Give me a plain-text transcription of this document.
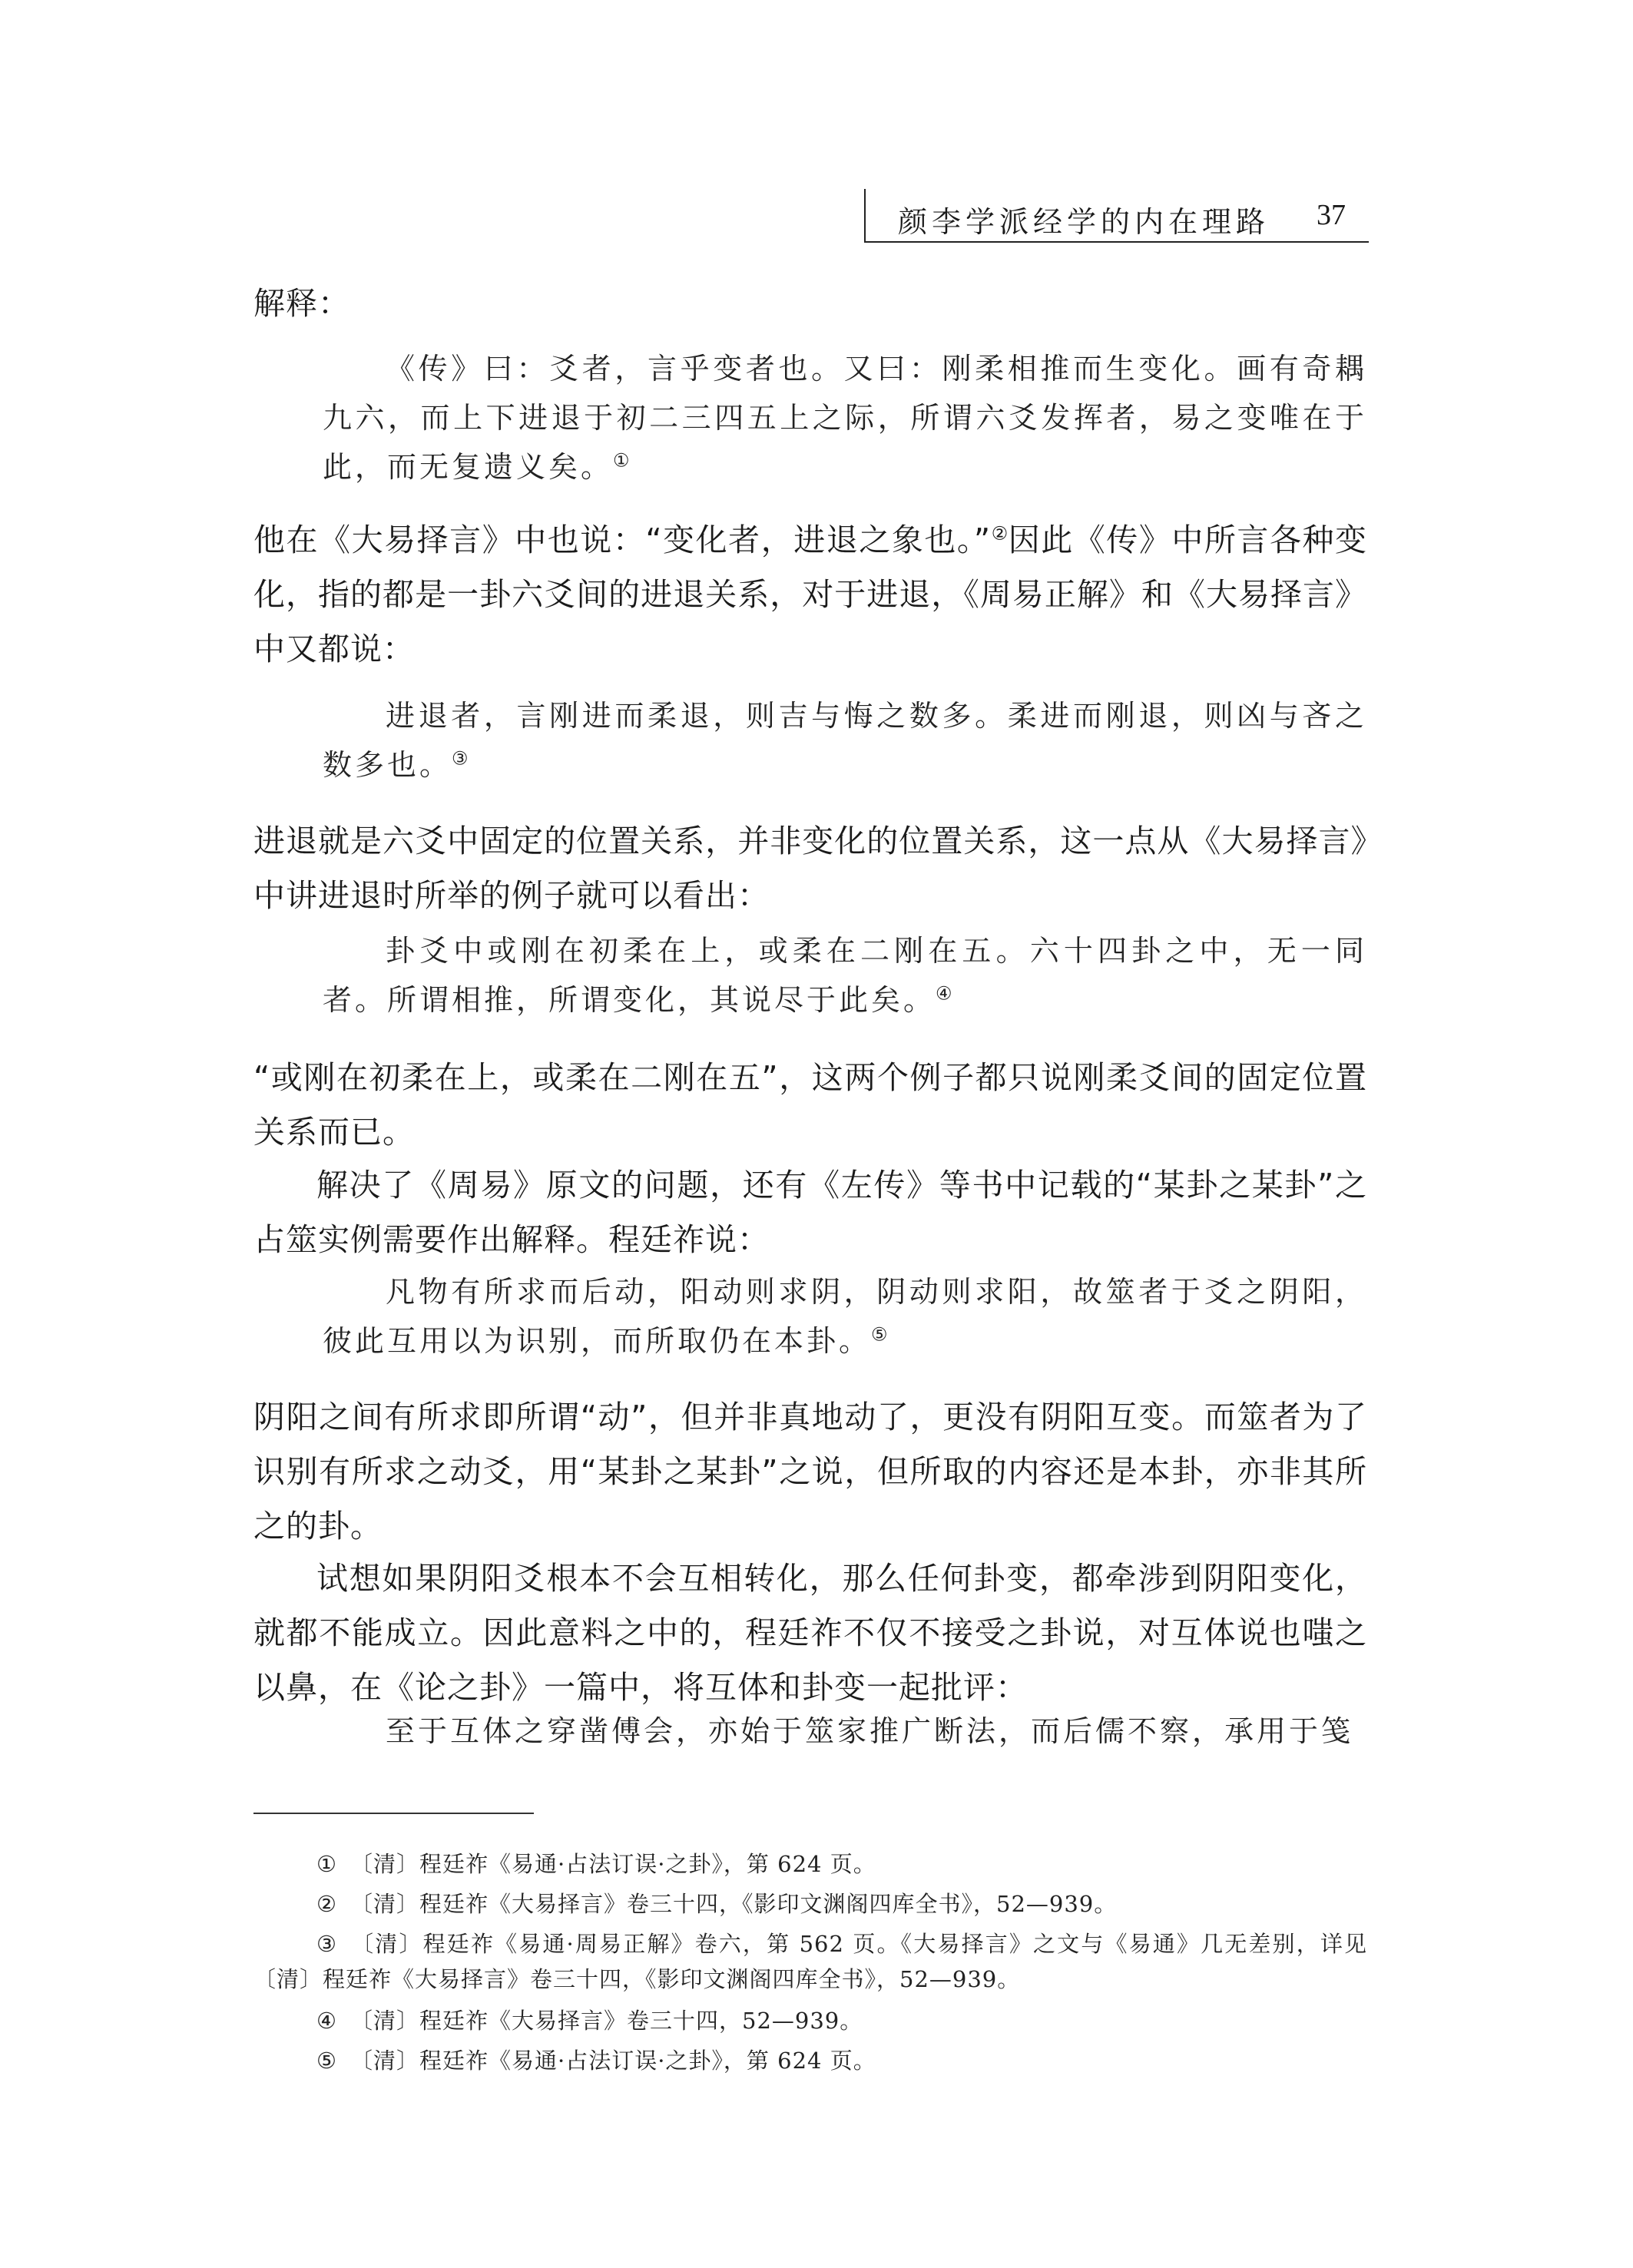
颜李学派经学的内在理路 37
解释：
《传》曰：爻者，言乎变者也。又曰：刚柔相推而生变化。画有奇耦九六，而上下进退于初二三四五上之际，所谓六爻发挥者，易之变唯在于此，而无复遗义矣。①
他在《大易择言》中也说：“变化者，进退之象也。”②因此《传》中所言各种变化，指的都是一卦六爻间的进退关系，对于进退，《周易正解》和《大易择言》中又都说：
进退者，言刚进而柔退，则吉与悔之数多。柔进而刚退，则凶与吝之数多也。③
进退就是六爻中固定的位置关系，并非变化的位置关系，这一点从《大易择言》中讲进退时所举的例子就可以看出：
卦爻中或刚在初柔在上，或柔在二刚在五。六十四卦之中，无一同者。所谓相推，所谓变化，其说尽于此矣。④
“或刚在初柔在上，或柔在二刚在五”，这两个例子都只说刚柔爻间的固定位置关系而已。
解决了《周易》原文的问题，还有《左传》等书中记载的“某卦之某卦”之占筮实例需要作出解释。程廷祚说：
凡物有所求而后动，阳动则求阴，阴动则求阳，故筮者于爻之阴阳，彼此互用以为识别，而所取仍在本卦。⑤
阴阳之间有所求即所谓“动”，但并非真地动了，更没有阴阳互变。而筮者为了识别有所求之动爻，用“某卦之某卦”之说，但所取的内容还是本卦，亦非其所之的卦。
试想如果阴阳爻根本不会互相转化，那么任何卦变，都牵涉到阴阳变化，就都不能成立。因此意料之中的，程廷祚不仅不接受之卦说，对互体说也嗤之以鼻，在《论之卦》一篇中，将互体和卦变一起批评：
至于互体之穿凿傅会，亦始于筮家推广断法，而后儒不察，承用于笺
① 〔清〕程廷祚《易通·占法订误·之卦》，第 624 页。
② 〔清〕程廷祚《大易择言》卷三十四，《影印文渊阁四库全书》，52—939。
③ 〔清〕程廷祚《易通·周易正解》卷六，第 562 页。《大易择言》之文与《易通》几无差别，详见〔清〕程廷祚《大易择言》卷三十四，《影印文渊阁四库全书》，52—939。
④ 〔清〕程廷祚《大易择言》卷三十四，52—939。
⑤ 〔清〕程廷祚《易通·占法订误·之卦》，第 624 页。
